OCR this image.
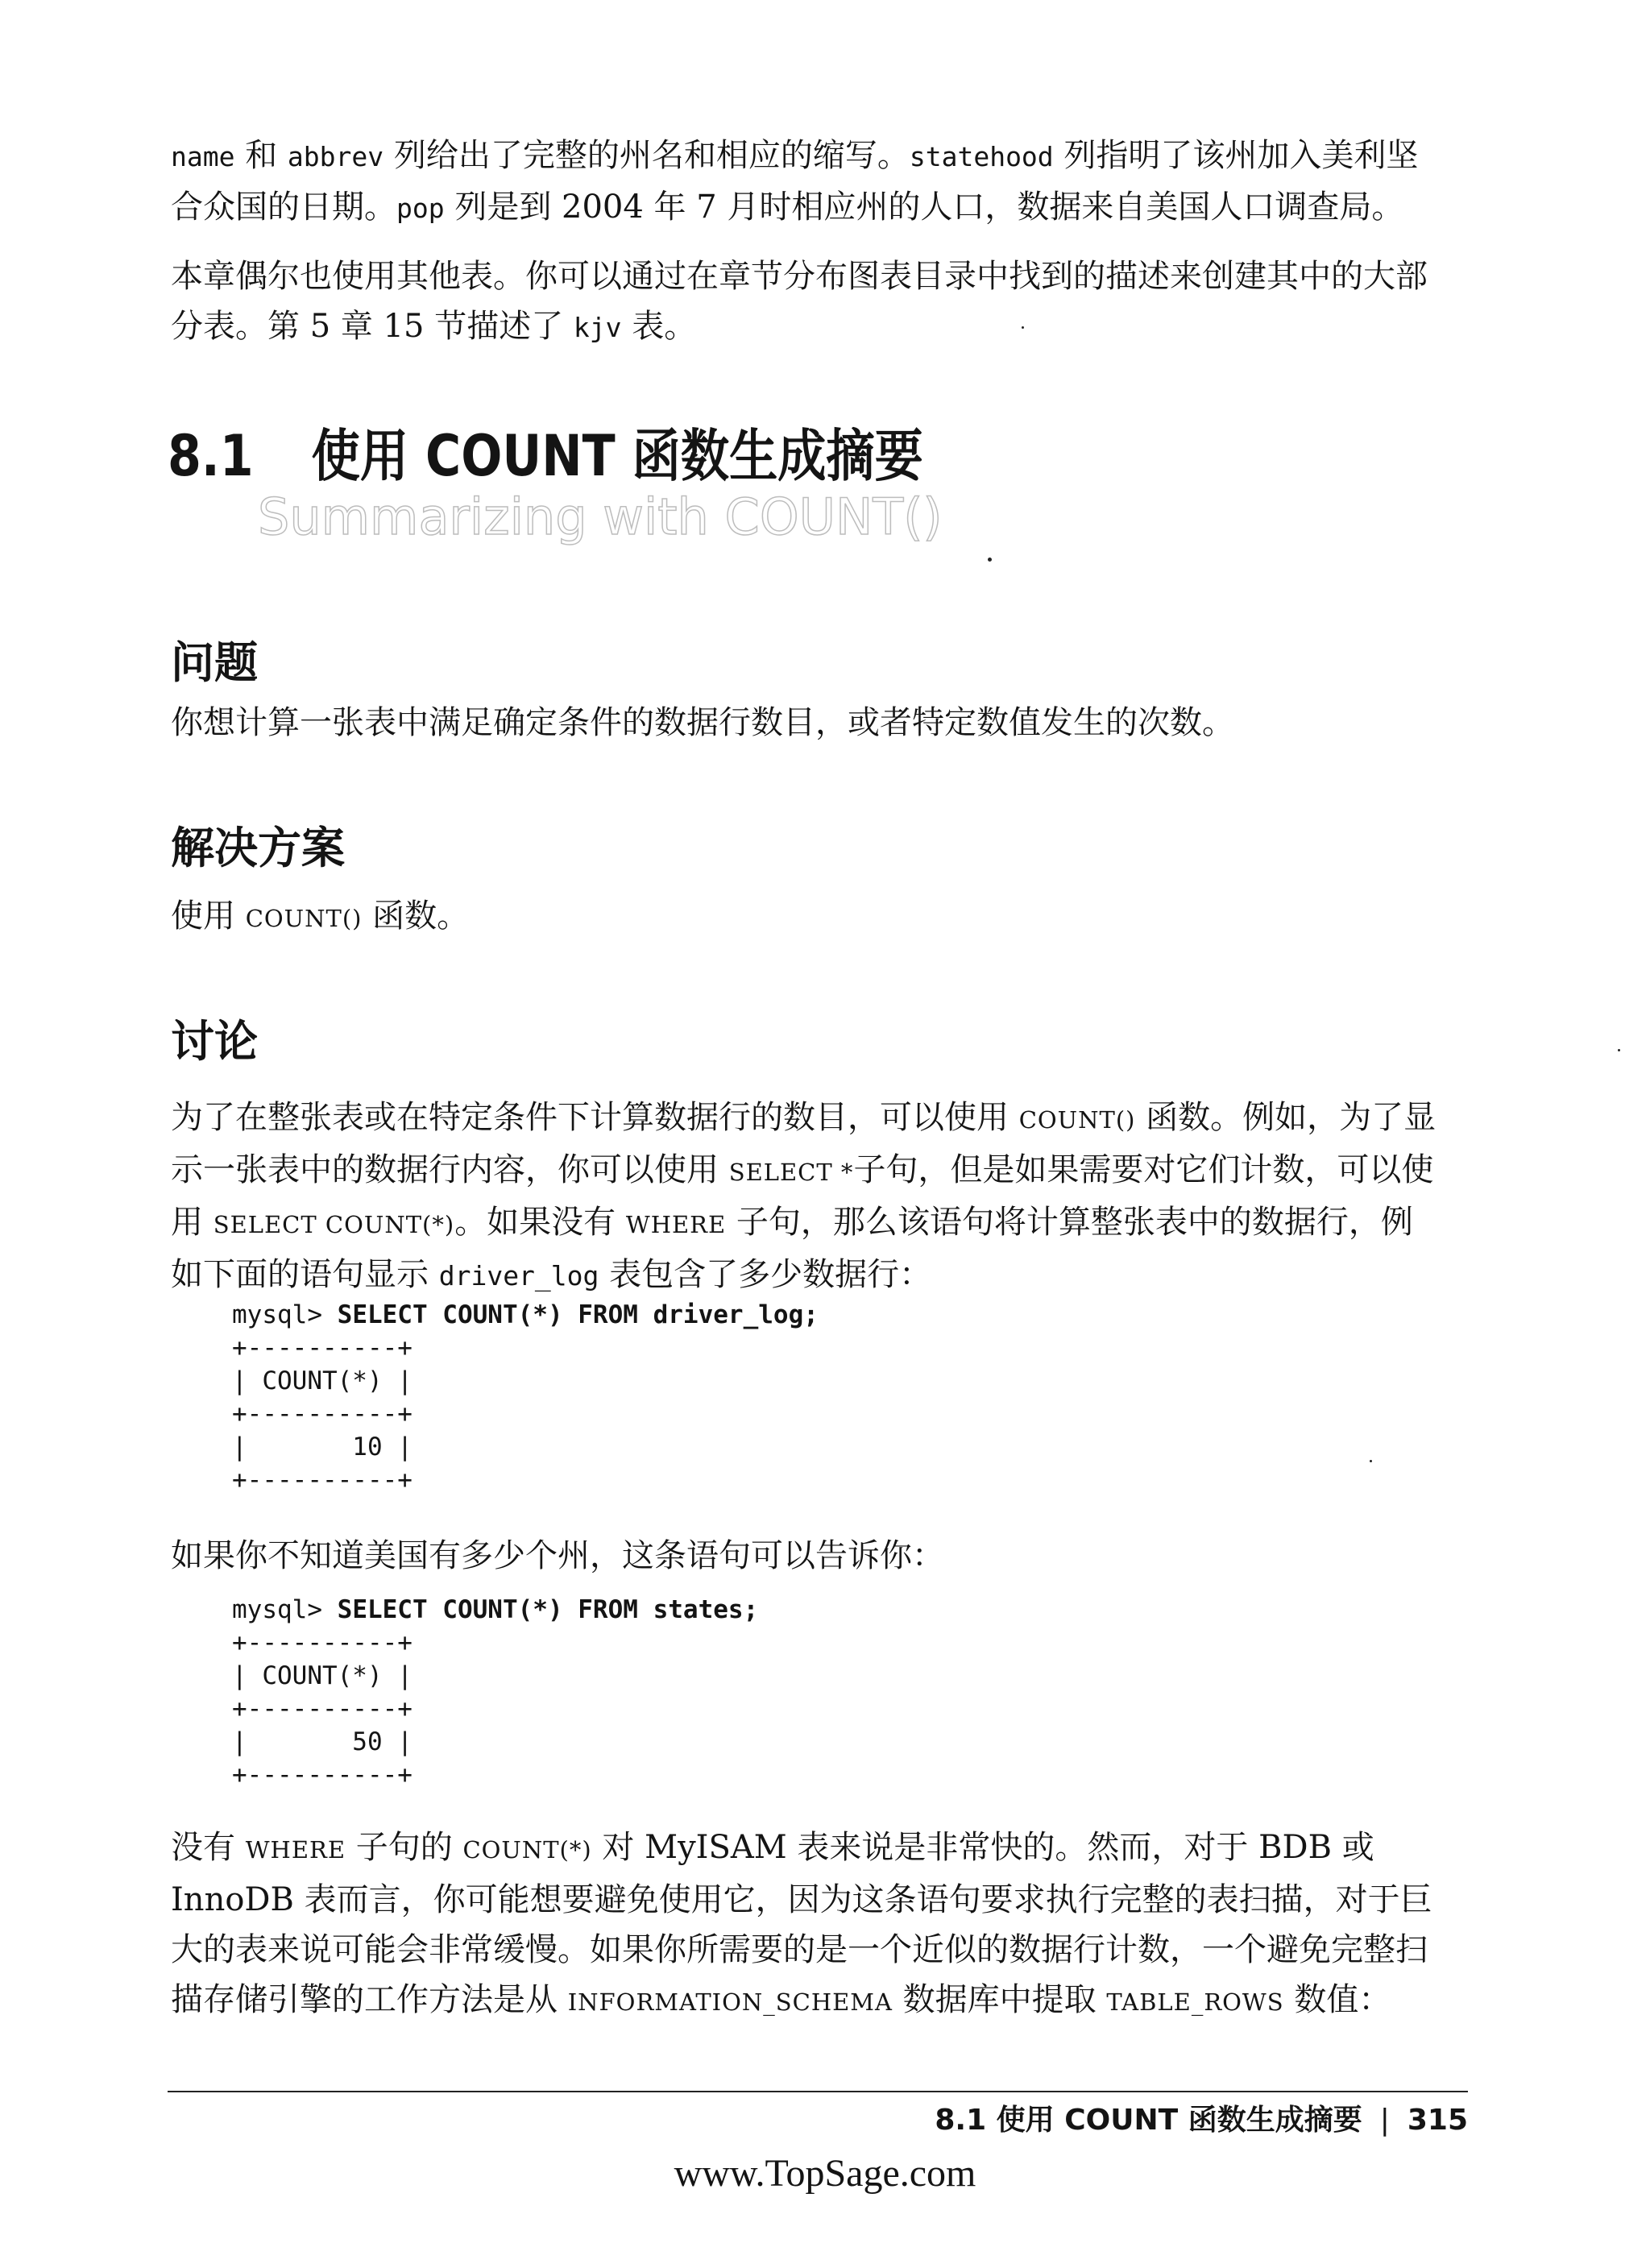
name 和 abbrev 列给出了完整的州名和相应的缩写。statehood 列指明了该州加入美利坚合众国的日期。pop 列是到 2004 年 7 月时相应州的人口，数据来自美国人口调查局。

本章偶尔也使用其他表。你可以通过在章节分布图表目录中找到的描述来创建其中的大部分表。第 5 章 15 节描述了 kjv 表。

8.1   使用 COUNT 函数生成摘要
Summarizing with COUNT()
问题

你想计算一张表中满足确定条件的数据行数目，或者特定数值发生的次数。

解决方案

使用 COUNT() 函数。

讨论

为了在整张表或在特定条件下计算数据行的数目，可以使用 COUNT() 函数。例如，为了显示一张表中的数据行内容，你可以使用 SELECT *子句，但是如果需要对它们计数，可以使用 SELECT COUNT(*)。如果没有 WHERE 子句，那么该语句将计算整张表中的数据行，例如下面的语句显示 driver_log 表包含了多少数据行：

mysql> SELECT COUNT(*) FROM driver_log;
+----------+
| COUNT(*) |
+----------+
|       10 |
+----------+

如果你不知道美国有多少个州，这条语句可以告诉你：

mysql> SELECT COUNT(*) FROM states;
+----------+
| COUNT(*) |
+----------+
|       50 |
+----------+

没有 WHERE 子句的 COUNT(*) 对 MyISAM 表来说是非常快的。然而，对于 BDB 或 InnoDB 表而言，你可能想要避免使用它，因为这条语句要求执行完整的表扫描，对于巨大的表来说可能会非常缓慢。如果你所需要的是一个近似的数据行计数，一个避免完整扫描存储引擎的工作方法是从 INFORMATION_SCHEMA 数据库中提取 TABLE_ROWS 数值：

8.1 使用 COUNT 函数生成摘要 | 315
www.TopSage.com
